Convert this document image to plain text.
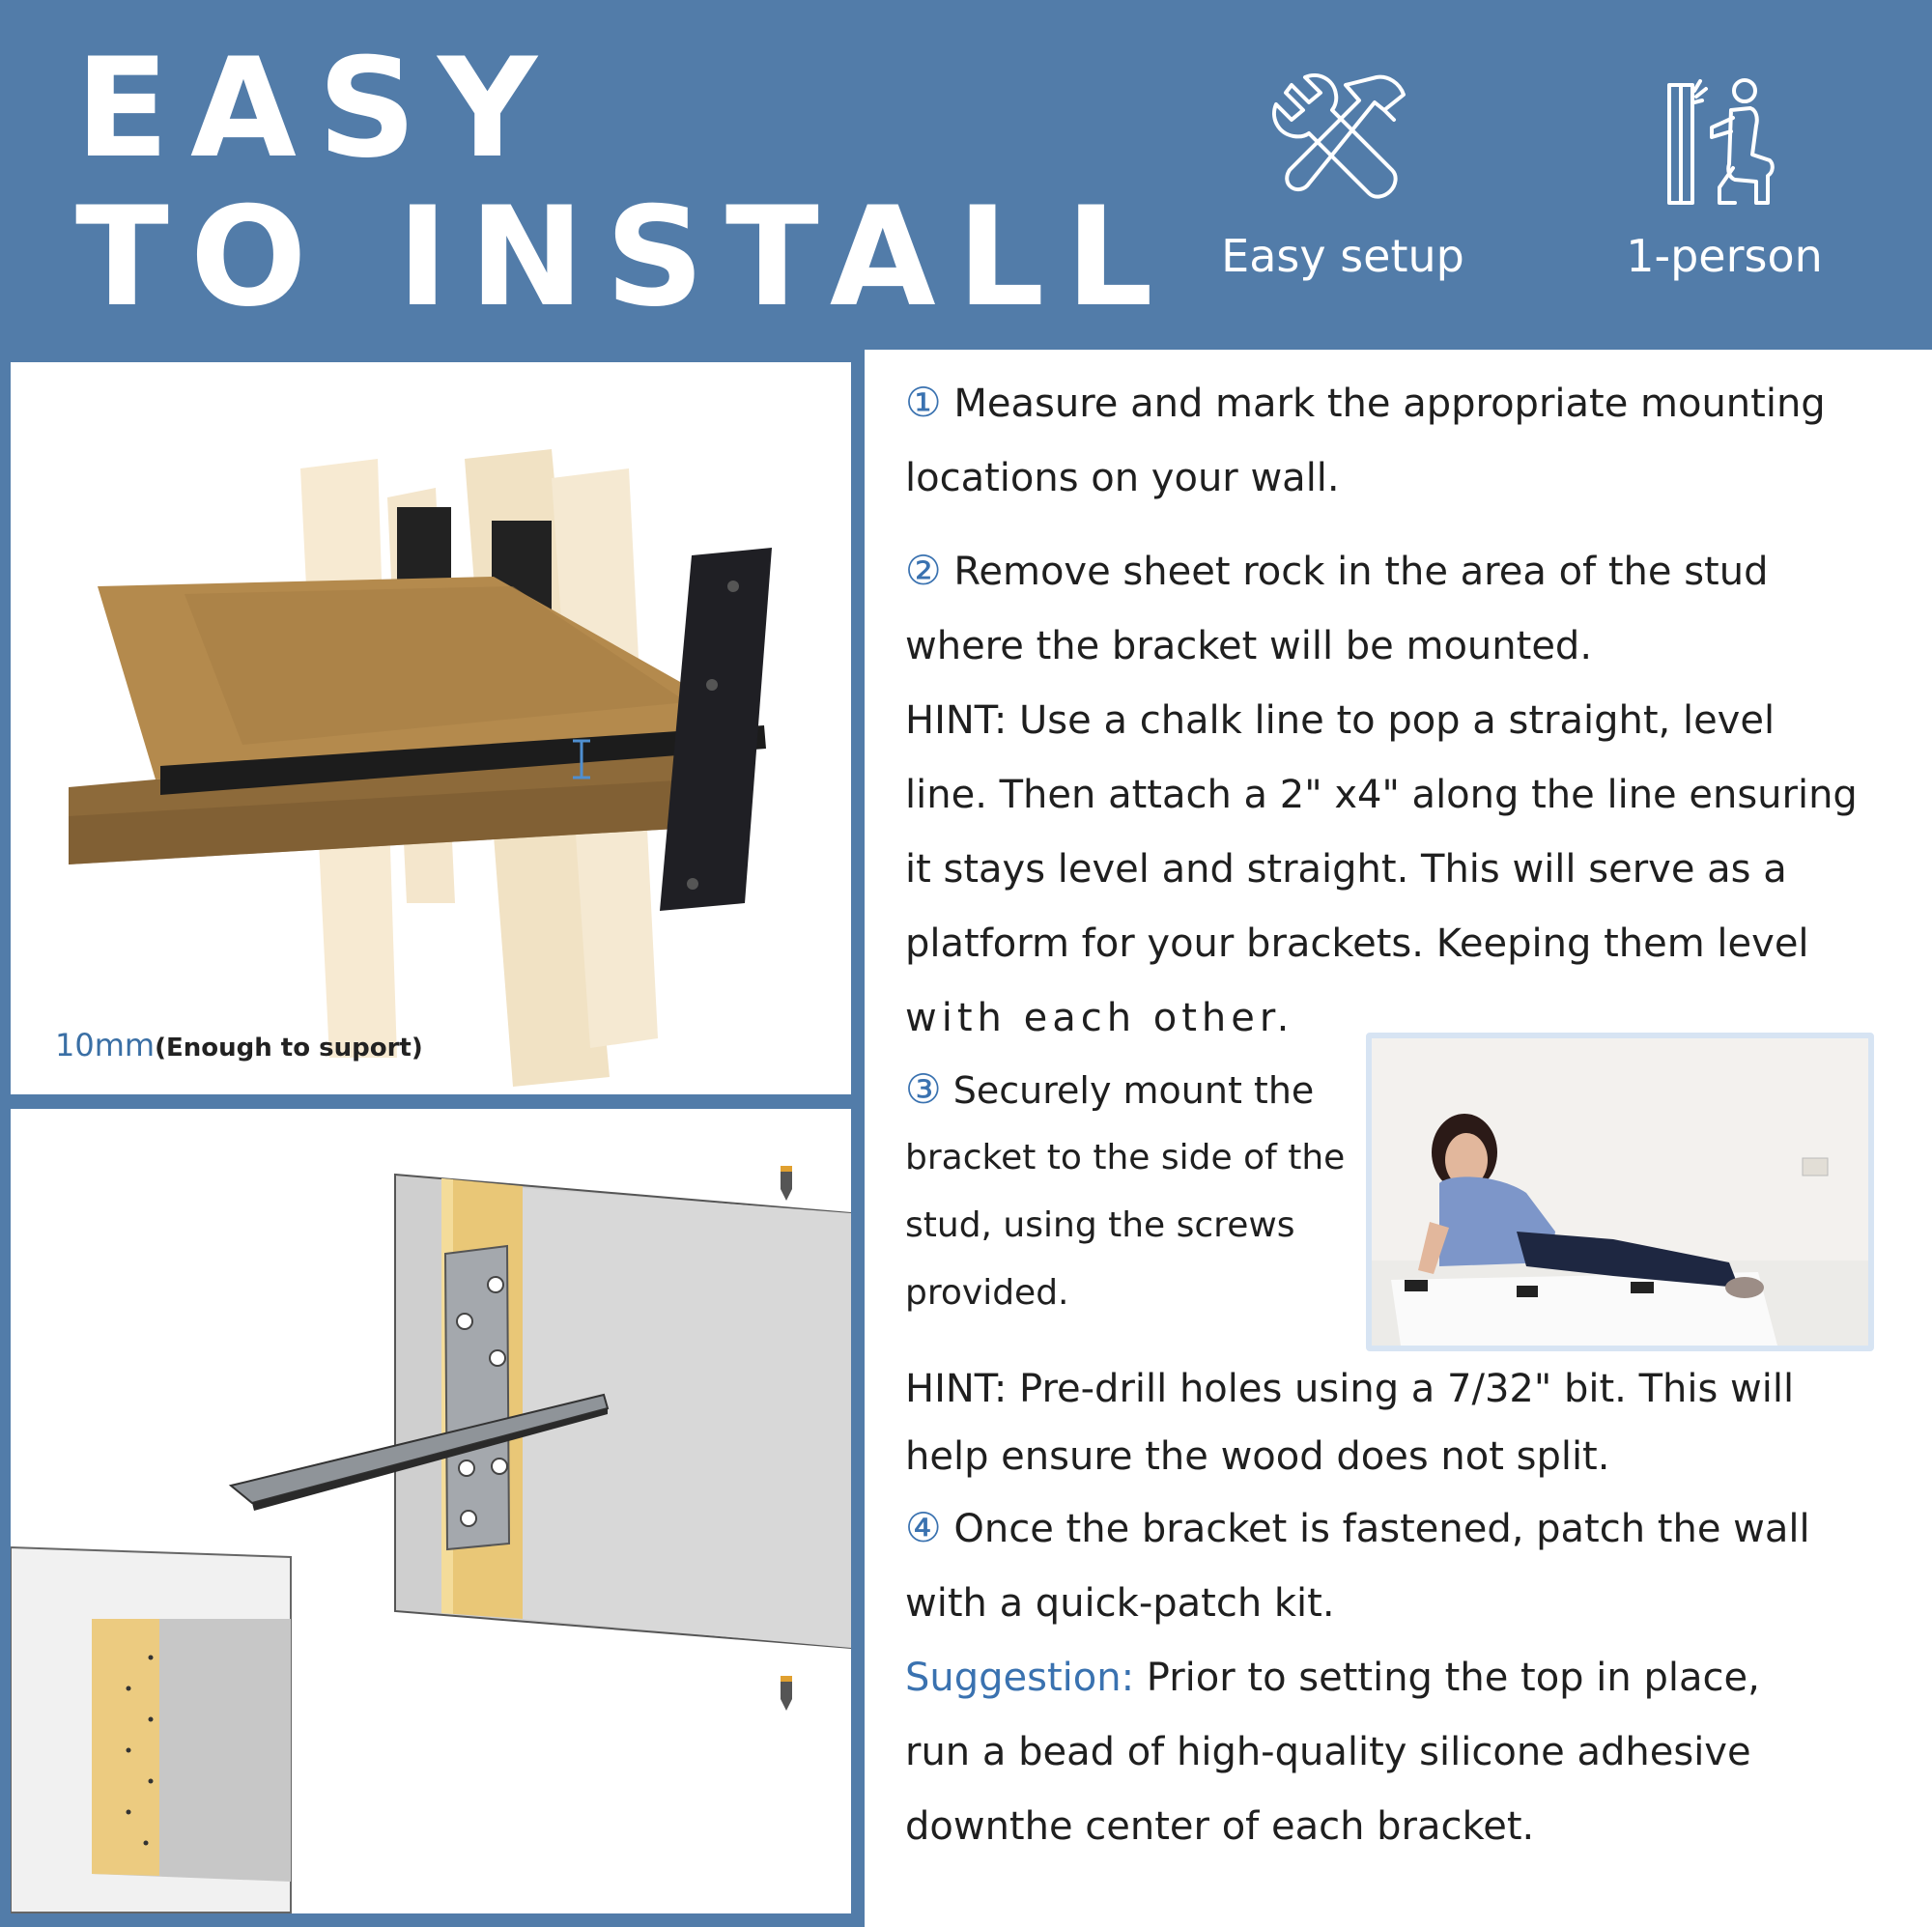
EASY
TO INSTALL	Easy setup	1-person
10mm(Enough to suport)

① Measure and mark the appropriate mounting

locations on your wall.

② Remove sheet rock in the area of the stud

where the bracket will be mounted.

HINT: Use a chalk line to pop a straight, level

line. Then attach a 2" x4" along the line ensuring

it stays level and straight. This will serve as a

platform for your brackets. Keeping them level

with each other.

③ Securely mount the

bracket to the side of the

stud, using the screws

provided.

HINT: Pre-drill holes using a 7/32" bit. This will

help ensure the wood does not split.

④ Once the bracket is fastened, patch the wall

with a quick-patch kit.

Suggestion: Prior to setting the top in place,

run a bead of high-quality silicone adhesive

downthe center of each bracket.
